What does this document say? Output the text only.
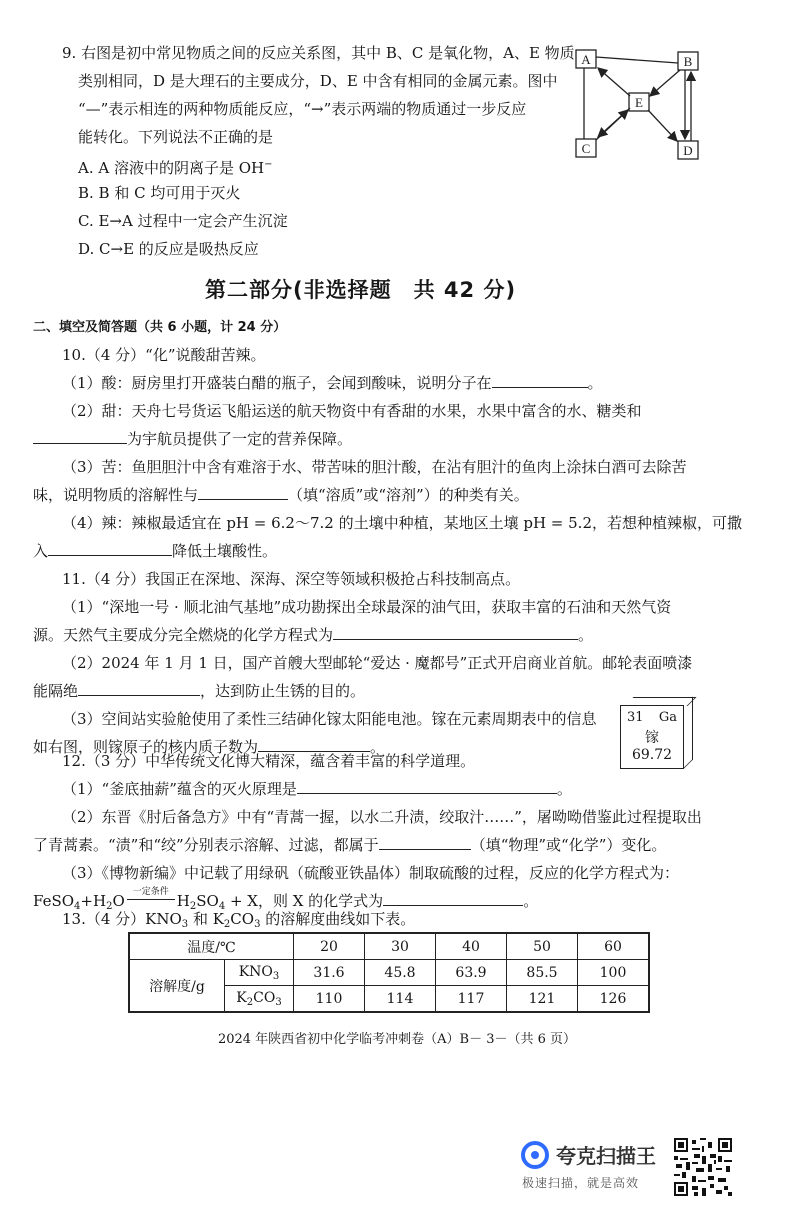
9. 右图是初中常见物质之间的反应关系图，其中 B、C 是氧化物，A、E 物质
类别相同，D 是大理石的主要成分，D、E 中含有相同的金属元素。图中
“—”表示相连的两种物质能反应，“→”表示两端的物质通过一步反应
能转化。下列说法不正确的是
A. A 溶液中的阴离子是 OH−
B. B 和 C 均可用于灭火
C. E→A 过程中一定会产生沉淀
D. C→E 的反应是吸热反应
A	B
E
C	D
第二部分(非选择题　共 42 分)
二、填空及简答题（共 6 小题，计 24 分）
10.（4 分）“化”说酸甜苦辣。
（1）酸：厨房里打开盛装白醋的瓶子，会闻到酸味，说明分子在	。
（2）甜：天舟七号货运飞船运送的航天物资中有香甜的水果，水果中富含的水、糖类和
为宇航员提供了一定的营养保障。
（3）苦：鱼胆胆汁中含有难溶于水、带苦味的胆汁酸，在沾有胆汁的鱼肉上涂抹白酒可去除苦
味，说明物质的溶解性与	（填“溶质”或“溶剂”）的种类有关。
（4）辣：辣椒最适宜在 pH = 6.2～7.2 的土壤中种植，某地区土壤 pH = 5.2，若想种植辣椒，可撒
入	降低土壤酸性。
11.（4 分）我国正在深地、深海、深空等领域积极抢占科技制高点。
（1）“深地一号 · 顺北油气基地”成功勘探出全球最深的油气田，获取丰富的石油和天然气资
源。天然气主要成分完全燃烧的化学方程式为	。
（2）2024 年 1 月 1 日，国产首艘大型邮轮“爱达 · 魔都号”正式开启商业首航。邮轮表面喷漆
能隔绝	，达到防止生锈的目的。
（3）空间站实验舱使用了柔性三结砷化镓太阳能电池。镓在元素周期表中的信息
如右图，则镓原子的核内质子数为	。
31 Ga
镓
69.72
12.（3 分）中华传统文化博大精深，蕴含着丰富的科学道理。
（1）“釜底抽薪”蕴含的灭火原理是	。
（2）东晋《肘后备急方》中有“青蒿一握，以水二升渍，绞取汁……”，屠呦呦借鉴此过程提取出
了青蒿素。“渍”和“绞”分别表示溶解、过滤，都属于	（填“物理”或“化学”）变化。
（3）《博物新编》中记载了用绿矾（硫酸亚铁晶体）制取硫酸的过程，反应的化学方程式为：
$FeSO_4+H_2O$ 一定条件 $H_2SO_4 + X$，则 X 的化学式为	。
13.（4 分）$KNO_3$ 和 $K_2CO_3$ 的溶解度曲线如下表。
温度/℃		20	30	40	50	60
溶解度/g	$KNO_3$	31.6	45.8	63.9	85.5	100
	$K_2CO_3$	110	114	117	121	126
2024 年陕西省初中化学临考冲刺卷（A）B－ 3－（共 6 页）
夸克扫描王
极速扫描，就是高效
